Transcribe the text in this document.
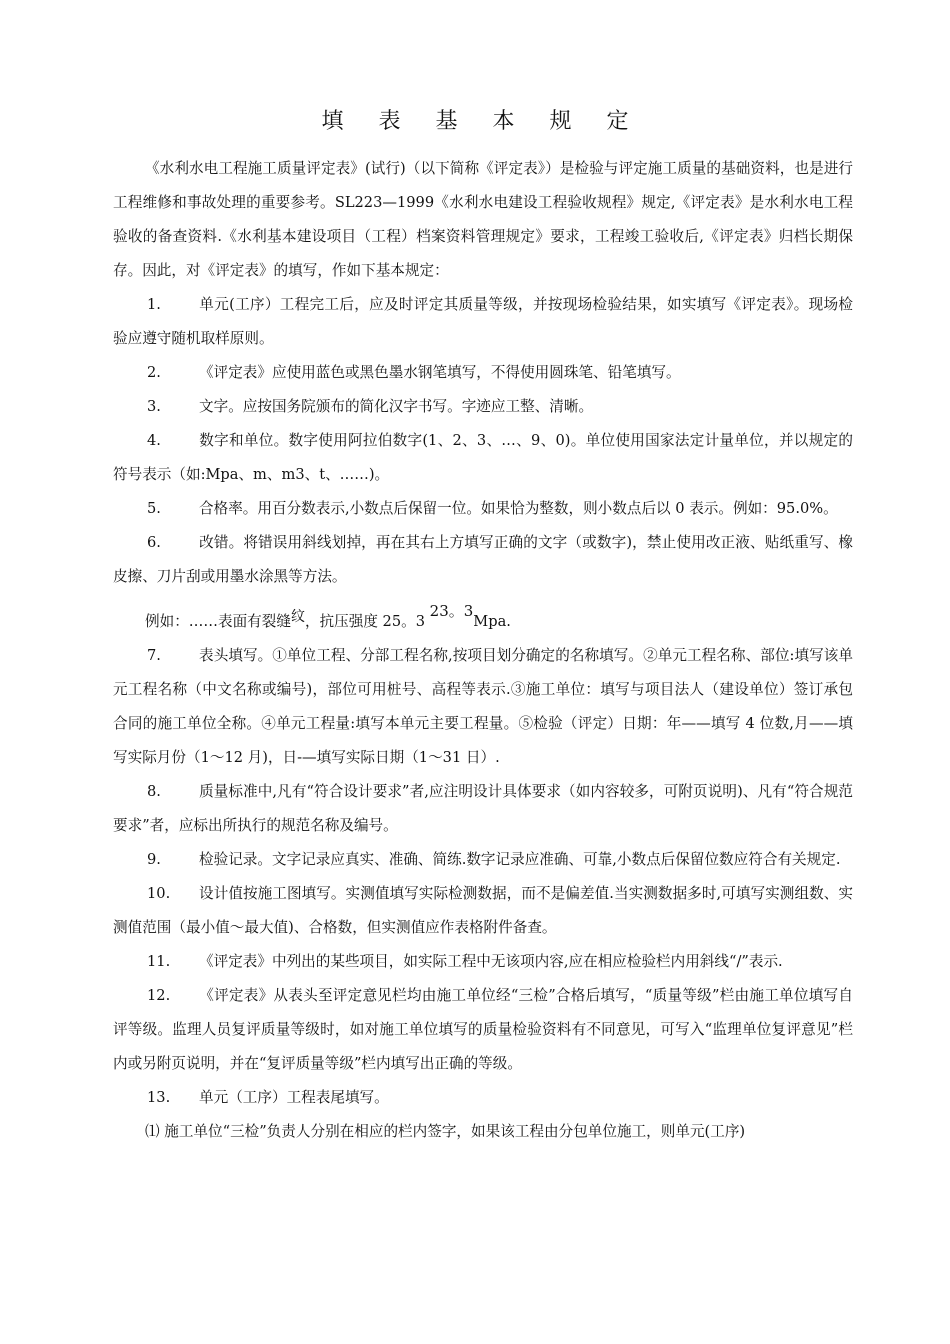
填 表 基 本 规 定

《水利水电工程施工质量评定表》(试行)（以下简称《评定表》）是检验与评定施工质量的基础资料，也是进行工程维修和事故处理的重要参考。SL223—1999《水利水电建设工程验收规程》规定,《评定表》是水利水电工程验收的备查资料.《水利基本建设项目（工程）档案资料管理规定》要求，工程竣工验收后,《评定表》归档长期保存。因此，对《评定表》的填写，作如下基本规定：

1.	单元(工序）工程完工后，应及时评定其质量等级，并按现场检验结果，如实填写《评定表》。现场检验应遵守随机取样原则。

2.	《评定表》应使用蓝色或黑色墨水钢笔填写，不得使用圆珠笔、铅笔填写。

3.	文字。应按国务院颁布的简化汉字书写。字迹应工整、清晰。

4.	数字和单位。数字使用阿拉伯数字(1、2、3、…、9、0)。单位使用国家法定计量单位，并以规定的符号表示（如:Mpa、m、m3、t、……)。

5.	合格率。用百分数表示,小数点后保留一位。如果恰为整数，则小数点后以 0 表示。例如：95.0%。

6.	改错。将错误用斜线划掉，再在其右上方填写正确的文字（或数字)，禁止使用改正液、贴纸重写、橡皮擦、刀片刮或用墨水涂黑等方法。

例如：……表面有裂缝纹，抗压强度 25。3 23。3Mpa.

7.	表头填写。①单位工程、分部工程名称,按项目划分确定的名称填写。②单元工程名称、部位:填写该单元工程名称（中文名称或编号)，部位可用桩号、高程等表示.③施工单位：填写与项目法人（建设单位）签订承包合同的施工单位全称。④单元工程量:填写本单元主要工程量。⑤检验（评定）日期：年——填写 4 位数,月——填写实际月份（1～12 月)，日-—填写实际日期（1～31 日）.

8.	质量标准中,凡有“符合设计要求”者,应注明设计具体要求（如内容较多，可附页说明)、凡有“符合规范要求”者，应标出所执行的规范名称及编号。

9.	检验记录。文字记录应真实、准确、简练.数字记录应准确、可靠,小数点后保留位数应符合有关规定.

10. 设计值按施工图填写。实测值填写实际检测数据，而不是偏差值.当实测数据多时,可填写实测组数、实测值范围（最小值～最大值)、合格数，但实测值应作表格附件备查。

11. 《评定表》中列出的某些项目，如实际工程中无该项内容,应在相应检验栏内用斜线“/”表示.

12. 《评定表》从表头至评定意见栏均由施工单位经“三检”合格后填写，“质量等级”栏由施工单位填写自评等级。监理人员复评质量等级时，如对施工单位填写的质量检验资料有不同意见，可写入“监理单位复评意见”栏内或另附页说明，并在“复评质量等级”栏内填写出正确的等级。

13. 单元（工序）工程表尾填写。

⑴ 施工单位“三检”负责人分别在相应的栏内签字，如果该工程由分包单位施工，则单元(工序)
